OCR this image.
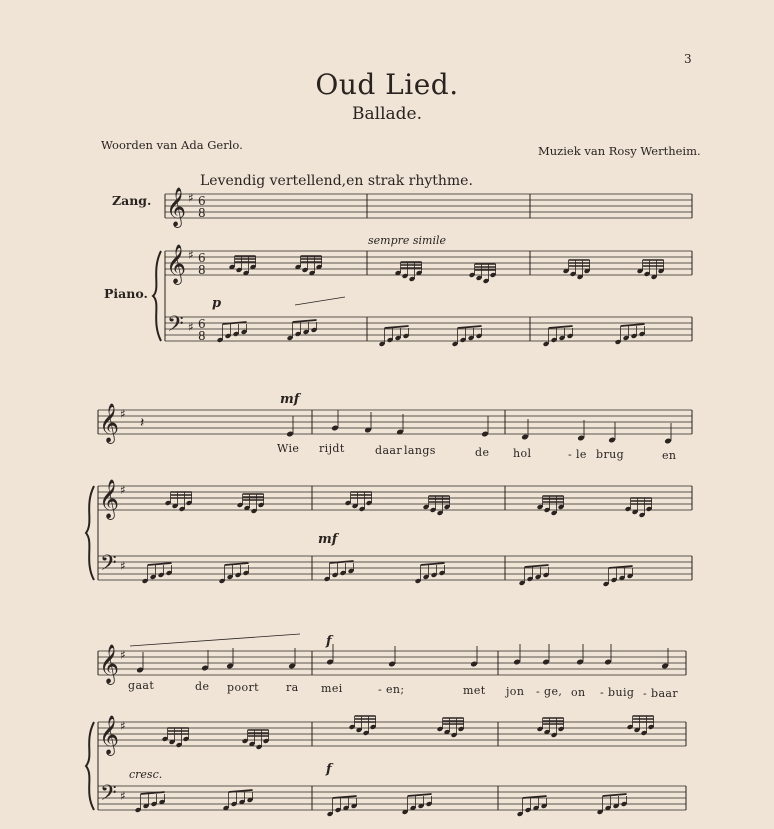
3
Oud Lied.
Ballade.
Woorden van Ada Gerlo.	Muziek van Rosy Wertheim.
Levendig vertellend,en strak rhythme.
Zang.
Piano.
sempre simile
p
mf
mf
f
f
cresc.
Wie rijdt	daar langs	de hol	- le brug	en
gaat	de poort ra mei	- en;	met jon - ge, on - buig - baar
𝄞
𝄞
𝄢
♯
♯
♯
6
8
6
8
6
8
𝄞
𝄞
𝄢
♯
♯
♯
𝄽
𝄞
𝄞
𝄢
♯
♯
♯
